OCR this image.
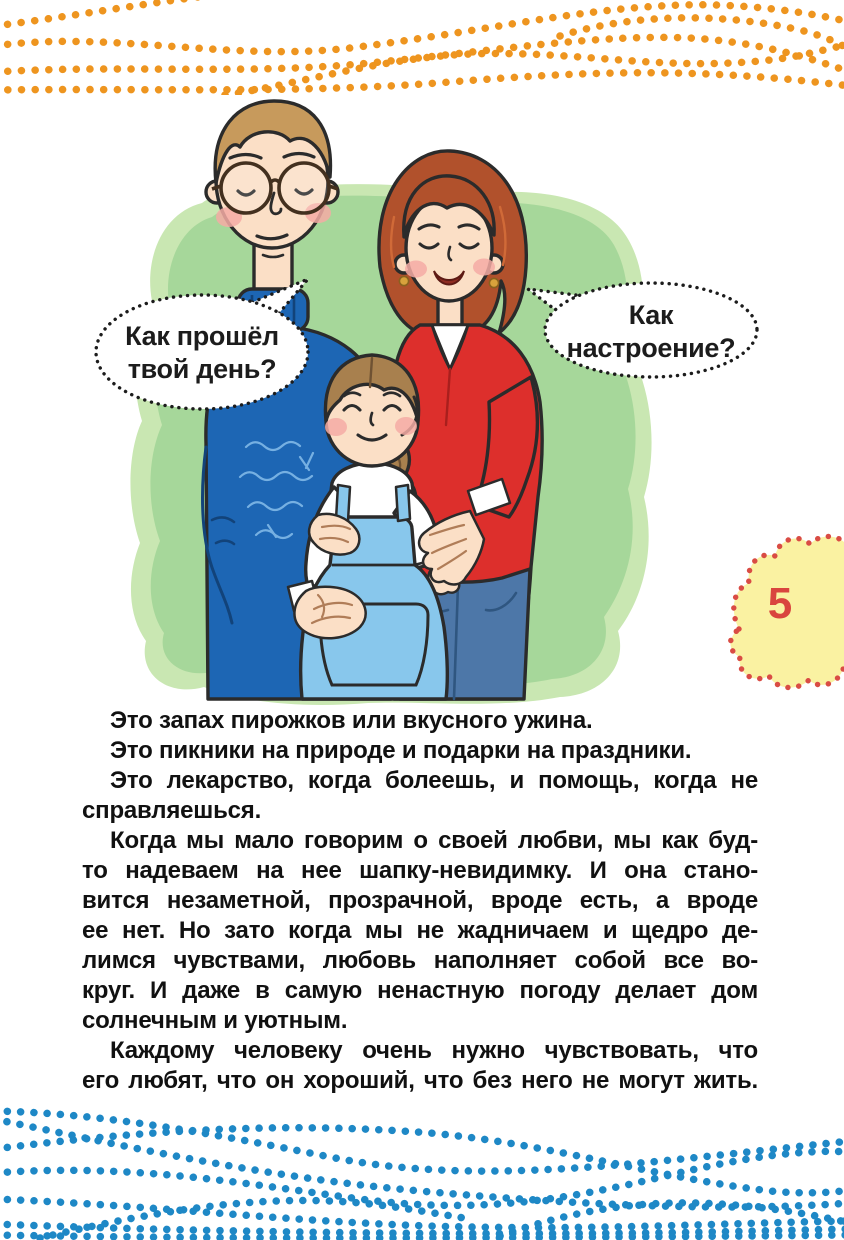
Как прошёл
твой день?
Как
настроение?
5
Это запах пирожков или вкусного ужина.
Это пикники на природе и подарки на праздники.
Это лекарство, когда болеешь, и помощь, когда не
справляешься.
Когда мы мало говорим о своей любви, мы как буд-
то надеваем на нее шапку-невидимку. И она стано-
вится незаметной, прозрачной, вроде есть, а вроде
ее нет. Но зато когда мы не жадничаем и щедро де-
лимся чувствами, любовь наполняет собой все во-
круг. И даже в самую ненастную погоду делает дом
солнечным и уютным.
Каждому человеку очень нужно чувствовать, что
его любят, что он хороший, что без него не могут жить.
